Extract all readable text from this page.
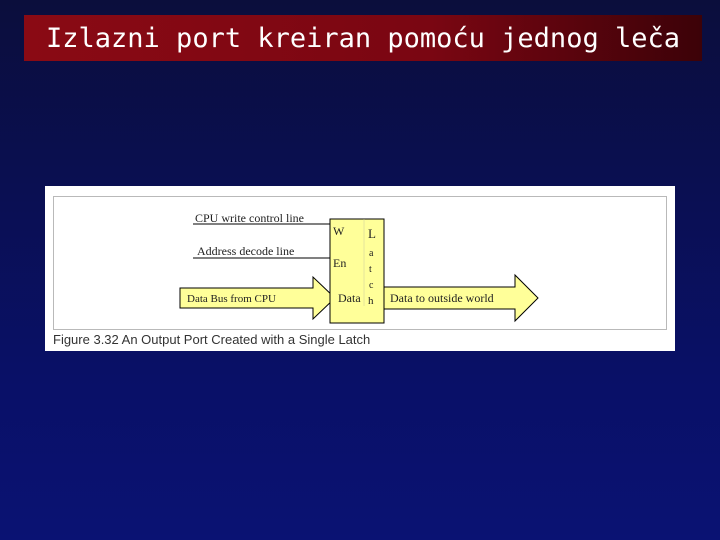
Izlazni port kreiran pomoću jednog leča
CPU write control line
Address decode line
Data Bus from CPU
W
En
Data
L
a
t
c
h Data to outside world
Figure 3.32 An Output Port Created with a Single Latch
